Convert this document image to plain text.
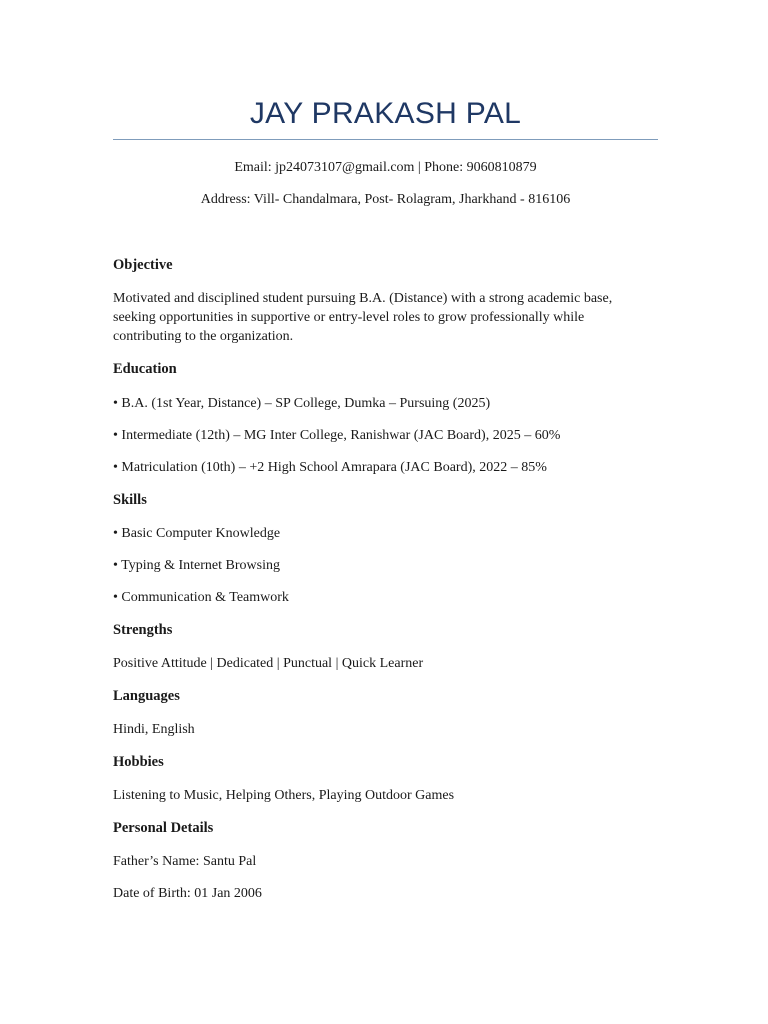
JAY PRAKASH PAL
Email: jp24073107@gmail.com | Phone: 9060810879
Address: Vill- Chandalmara, Post- Rolagram, Jharkhand - 816106
Objective
Motivated and disciplined student pursuing B.A. (Distance) with a strong academic base, seeking opportunities in supportive or entry-level roles to grow professionally while contributing to the organization.
Education
• B.A. (1st Year, Distance) – SP College, Dumka – Pursuing (2025)
• Intermediate (12th) – MG Inter College, Ranishwar (JAC Board), 2025 – 60%
• Matriculation (10th) – +2 High School Amrapara (JAC Board), 2022 – 85%
Skills
• Basic Computer Knowledge
• Typing & Internet Browsing
• Communication & Teamwork
Strengths
Positive Attitude | Dedicated | Punctual | Quick Learner
Languages
Hindi, English
Hobbies
Listening to Music, Helping Others, Playing Outdoor Games
Personal Details
Father’s Name: Santu Pal
Date of Birth: 01 Jan 2006
